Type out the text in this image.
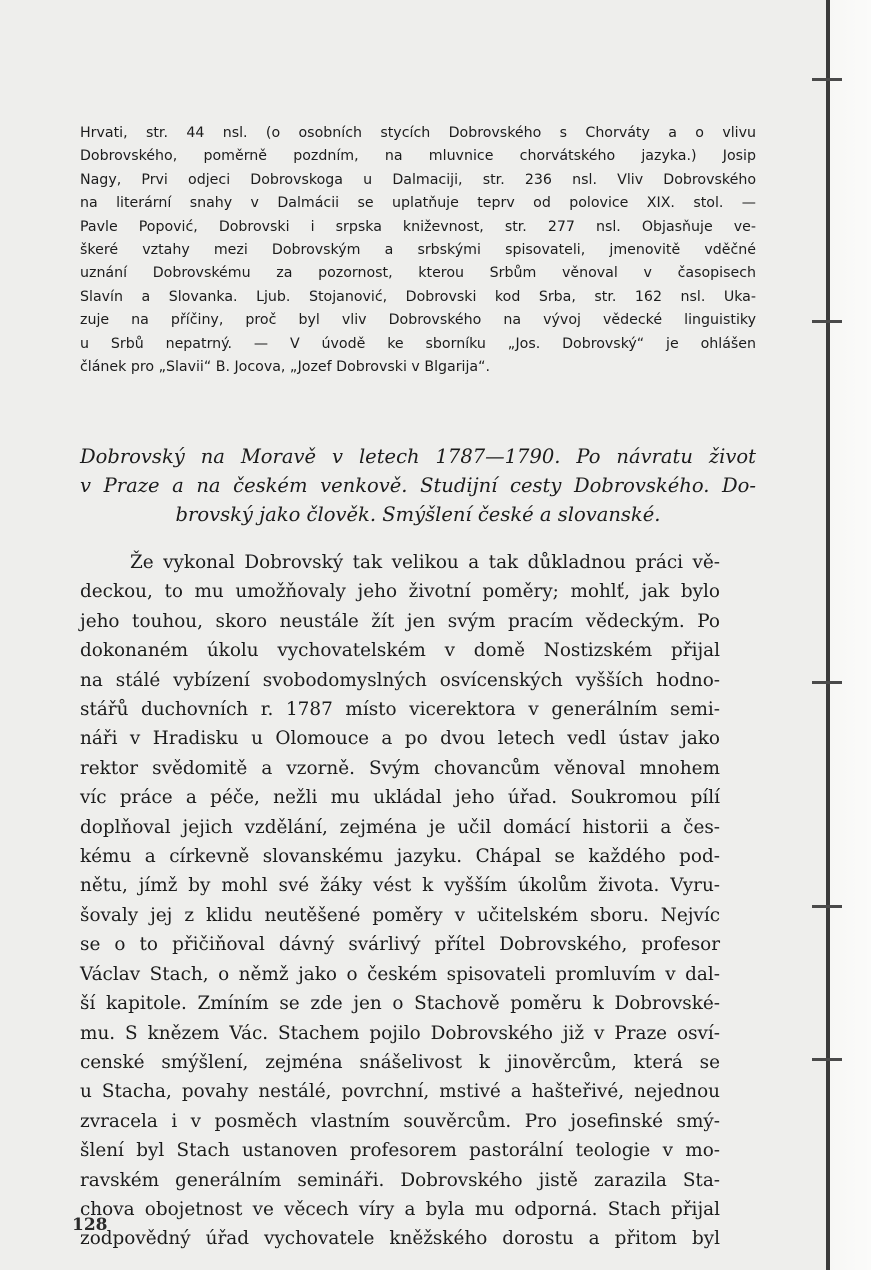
Hrvati, str. 44 nsl. (o osobních stycích Dobrovského s Chorváty a o vlivu
Dobrovského, poměrně pozdním, na mluvnice chorvátského jazyka.) Josip
Nagy, Prvi odjeci Dobrovskoga u Dalmaciji, str. 236 nsl. Vliv Dobrovského
na literární snahy v Dalmácii se uplatňuje teprv od polovice XIX. stol. —
Pavle Popović, Dobrovski i srpska kniževnost, str. 277 nsl. Objasňuje ve-
škeré vztahy mezi Dobrovským a srbskými spisovateli, jmenovitě vděčné
uznání Dobrovskému za pozornost, kterou Srbům věnoval v časopisech
Slavín a Slovanka. Ljub. Stojanović, Dobrovski kod Srba, str. 162 nsl. Uka-
zuje na příčiny, proč byl vliv Dobrovského na vývoj vědecké linguistiky
u Srbů nepatrný. — V úvodě ke sborníku „Jos. Dobrovský“ je ohlášen
článek pro „Slavii“ B. Jocova, „Jozef Dobrovski v Blgarija“.
Dobrovský na Moravě v letech 1787—1790. Po návratu život
v Praze a na českém venkově. Studijní cesty Dobrovského. Do-
brovský jako člověk. Smýšlení české a slovanské.
Že vykonal Dobrovský tak velikou a tak důkladnou práci vě-
deckou, to mu umožňovaly jeho životní poměry; mohlť, jak bylo
jeho touhou, skoro neustále žít jen svým pracím vědeckým. Po
dokonaném úkolu vychovatelském v domě Nostizském přijal
na stálé vybízení svobodomyslných osvícenských vyšších hodno-
stářů duchovních r. 1787 místo vicerektora v generálním semi-
náři v Hradisku u Olomouce a po dvou letech vedl ústav jako
rektor svědomitě a vzorně. Svým chovancům věnoval mnohem
víc práce a péče, nežli mu ukládal jeho úřad. Soukromou pílí
doplňoval jejich vzdělání, zejména je učil domácí historii a čes-
kému a církevně slovanskému jazyku. Chápal se každého pod-
nětu, jímž by mohl své žáky vést k vyšším úkolům života. Vyru-
šovaly jej z klidu neutěšené poměry v učitelském sboru. Nejvíc
se o to přičiňoval dávný svárlivý přítel Dobrovského, profesor
Václav Stach, o němž jako o českém spisovateli promluvím v dal-
ší kapitole. Zmíním se zde jen o Stachově poměru k Dobrovské-
mu. S knězem Vác. Stachem pojilo Dobrovského již v Praze osví-
censké smýšlení, zejména snášelivost k jinověrcům, která se
u Stacha, povahy nestálé, povrchní, mstivé a hašteřivé, nejednou
zvracela i v posměch vlastním souvěrcům. Pro josefinské smý-
šlení byl Stach ustanoven profesorem pastorální teologie v mo-
ravském generálním semináři. Dobrovského jistě zarazila Sta-
chova obojetnost ve věcech víry a byla mu odporná. Stach přijal
zodpovědný úřad vychovatele kněžského dorostu a přitom byl
128
